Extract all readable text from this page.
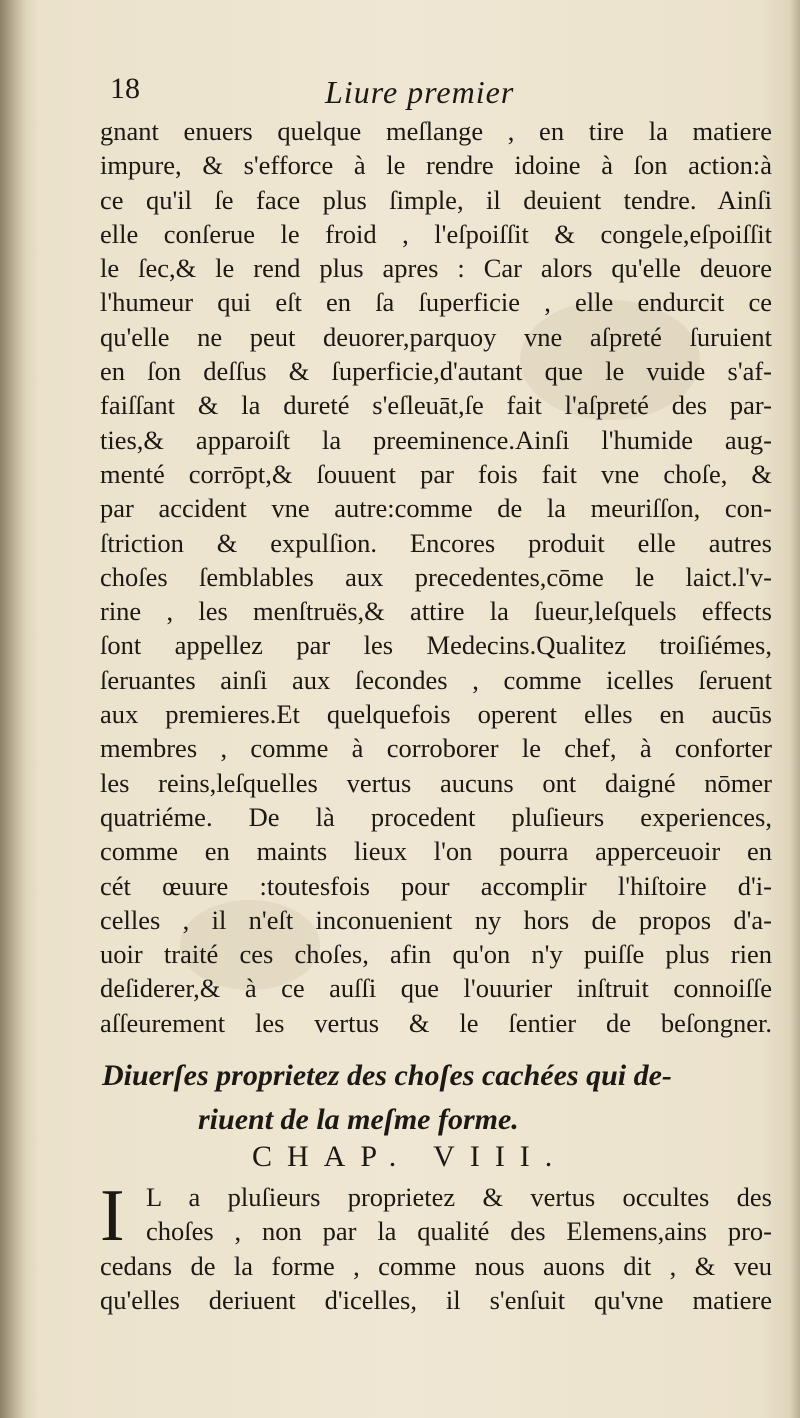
18	Liure premier
gnant enuers quelque meſlange , en tire la matiere
impure, & s'efforce à le rendre idoine à ſon action:à
ce qu'il ſe face plus ſimple, il deuient tendre. Ainſi
elle conſerue le froid , l'eſpoiſſit & congele,eſpoiſſit
le ſec,& le rend plus apres : Car alors qu'elle deuore
l'humeur qui eſt en ſa ſuperficie , elle endurcit ce
qu'elle ne peut deuorer,parquoy vne aſpreté ſuruient
en ſon deſſus & ſuperficie,d'autant que le vuide s'af-
faiſſant & la dureté s'eſleuāt,ſe fait l'aſpreté des par-
ties,& apparoiſt la preeminence.Ainſi l'humide aug-
menté corrōpt,& ſouuent par fois fait vne choſe, &
par accident vne autre:comme de la meuriſſon, con-
ſtriction & expulſion. Encores produit elle autres
choſes ſemblables aux precedentes,cōme le laict.l'v-
rine , les menſtruës,& attire la ſueur,leſquels effects
ſont appellez par les Medecins.Qualitez troiſiémes,
ſeruantes ainſi aux ſecondes , comme icelles ſeruent
aux premieres.Et quelquefois operent elles en aucūs
membres , comme à corroborer le chef, à conforter
les reins,leſquelles vertus aucuns ont daigné nōmer
quatriéme. De là procedent pluſieurs experiences,
comme en maints lieux l'on pourra apperceuoir en
cét œuure :toutesfois pour accomplir l'hiſtoire d'i-
celles , il n'eſt inconuenient ny hors de propos d'a-
uoir traité ces choſes, afin qu'on n'y puiſſe plus rien
deſiderer,& à ce auſſi que l'ouurier inſtruit connoiſſe
aſſeurement les vertus & le ſentier de beſongner.
Diuerſes proprietez des choſes cachées qui de-
riuent de la meſme forme.
CHAP. VIII.
I L a pluſieurs proprietez & vertus occultes des
choſes , non par la qualité des Elemens,ains pro-
cedans de la forme , comme nous auons dit , & veu
qu'elles deriuent d'icelles, il s'enſuit qu'vne matiere
